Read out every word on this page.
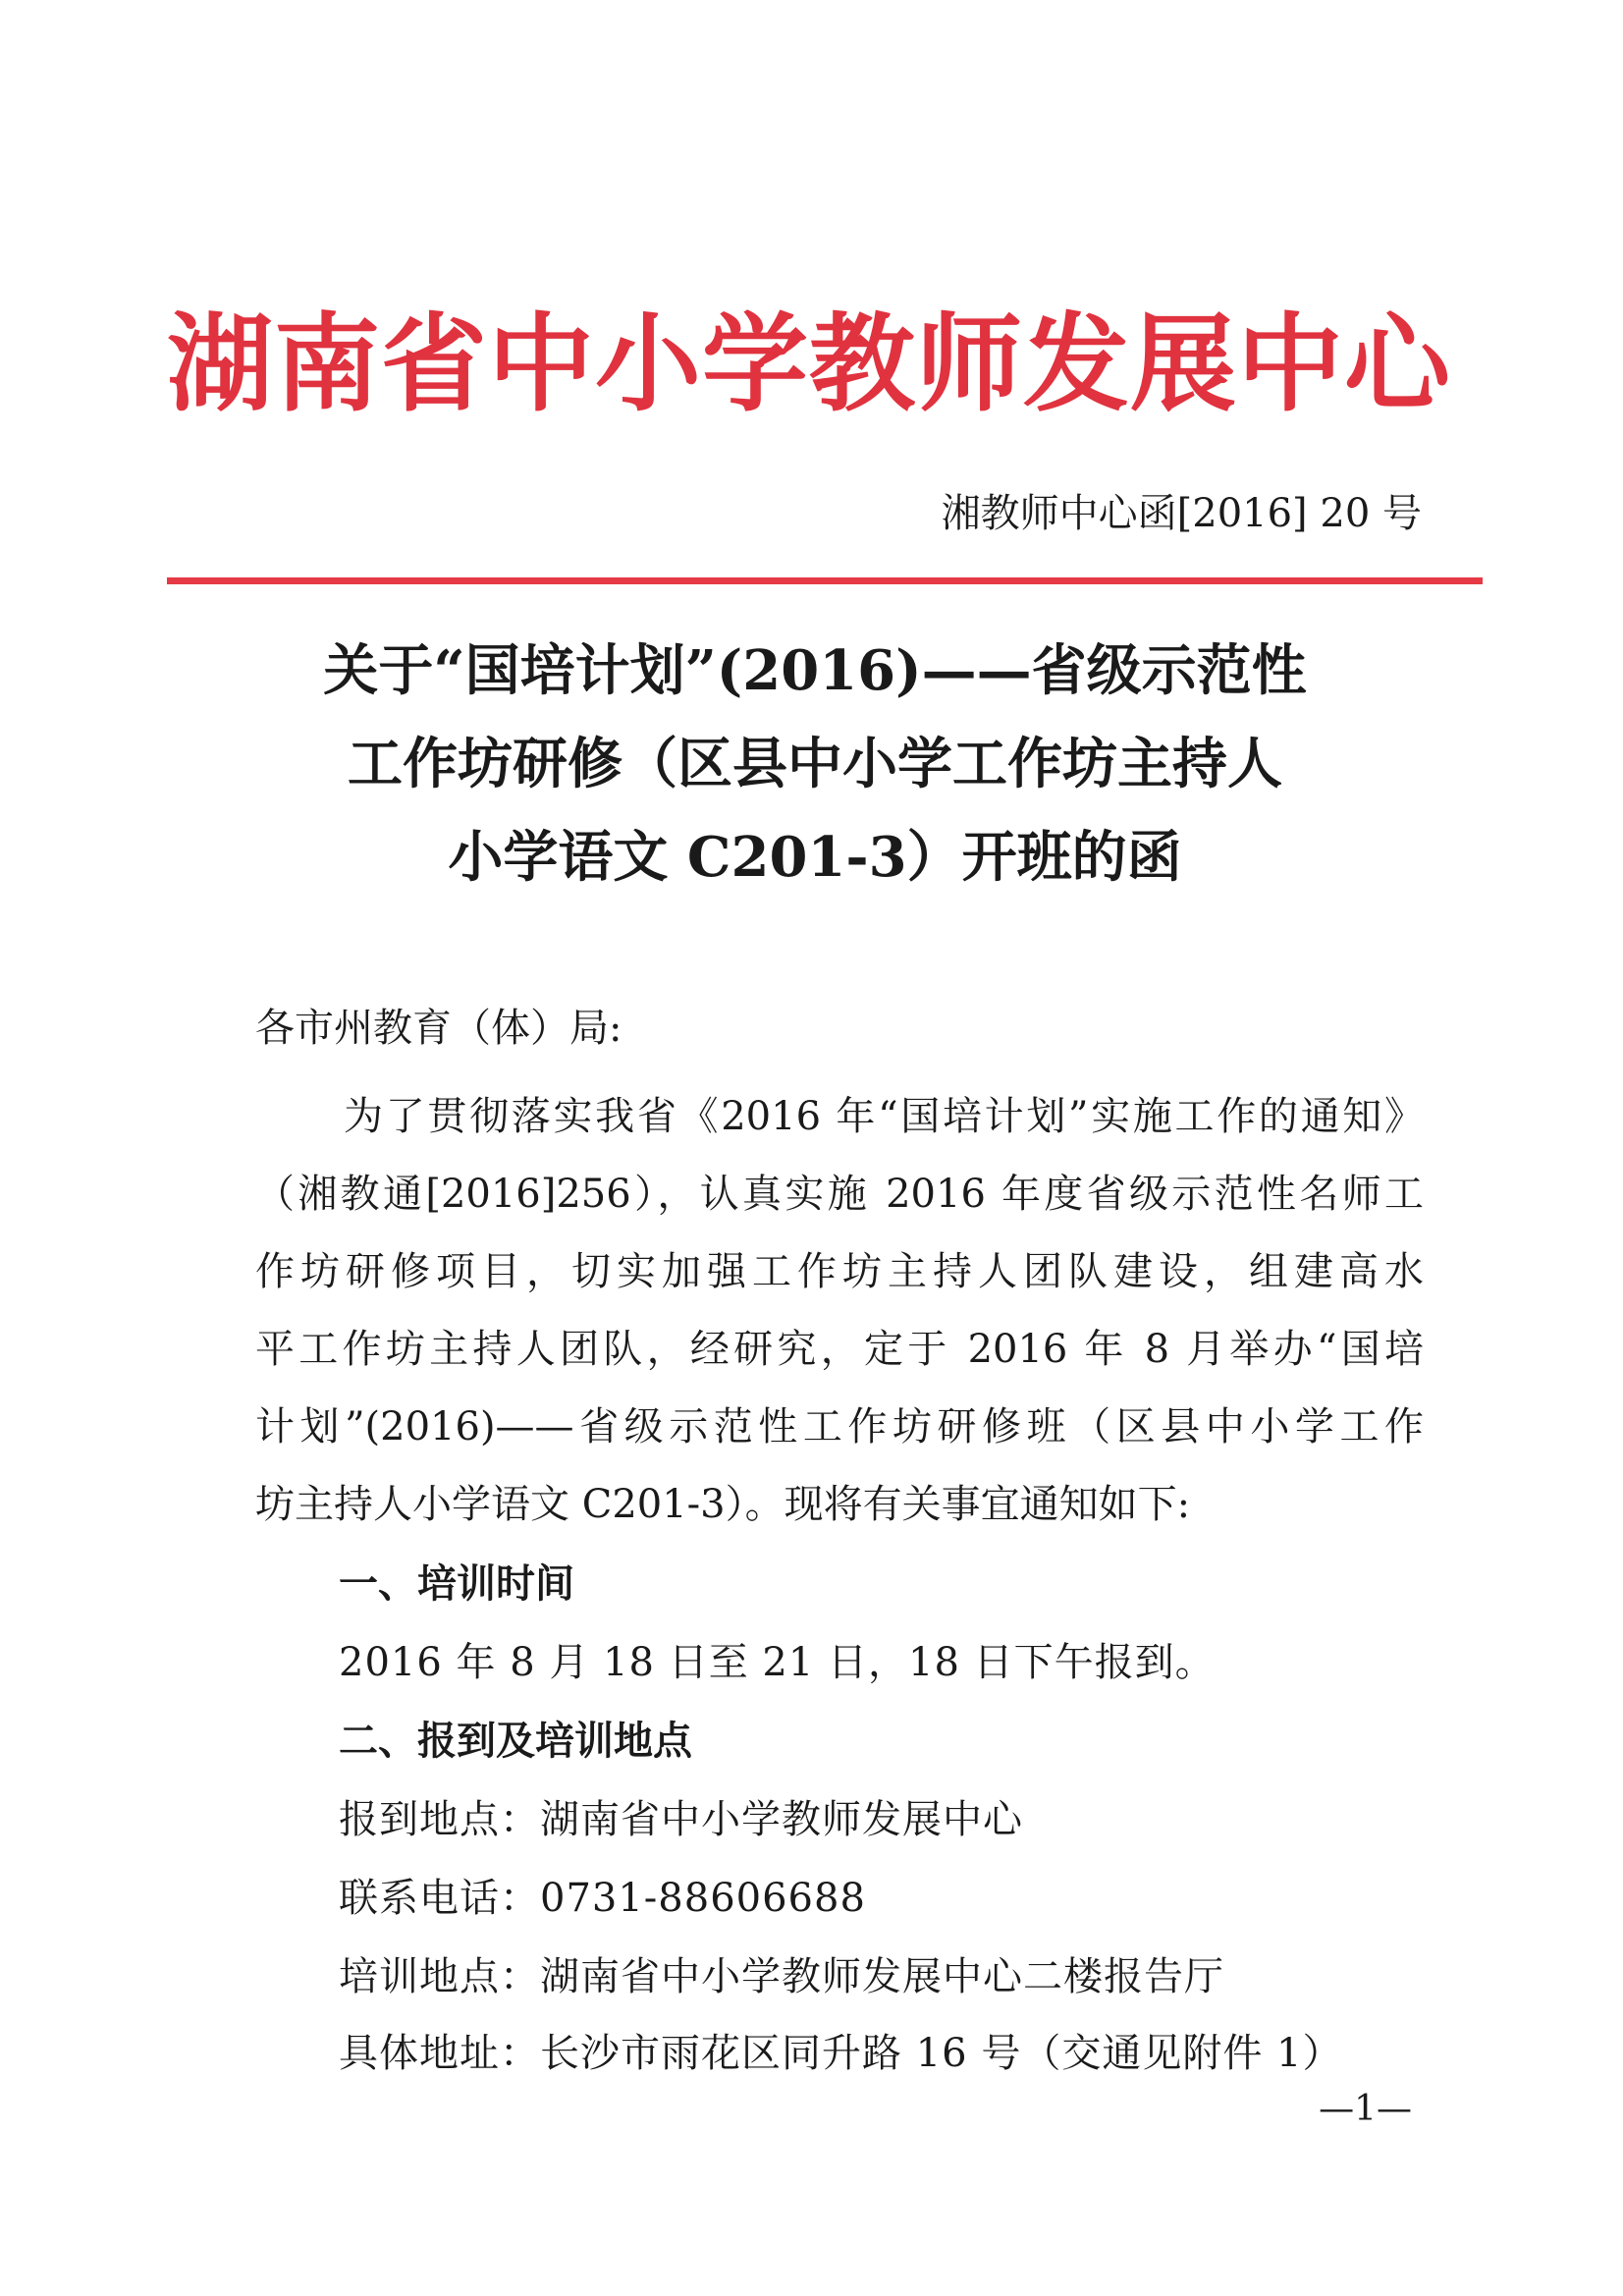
湖南省中小学教师发展中心
湘教师中心函[2016] 20 号
关于“国培计划”(2016)——省级示范性
工作坊研修（区县中小学工作坊主持人
小学语文 C201-3）开班的函
各市州教育（体）局:
为了贯彻落实我省《2016 年“国培计划”实施工作的通知》
（湘教通[2016]256），认真实施 2016 年度省级示范性名师工
作坊研修项目，切实加强工作坊主持人团队建设，组建高水
平工作坊主持人团队，经研究，定于 2016 年 8 月举办“国培
计划”(2016)——省级示范性工作坊研修班（区县中小学工作
坊主持人小学语文 C201-3）。现将有关事宜通知如下:
一、培训时间
2016 年 8 月 18 日至 21 日，18 日下午报到。
二、报到及培训地点
报到地点：湖南省中小学教师发展中心
联系电话：0731-88606688
培训地点：湖南省中小学教师发展中心二楼报告厅
具体地址：长沙市雨花区同升路 16 号（交通见附件 1）
—1—
